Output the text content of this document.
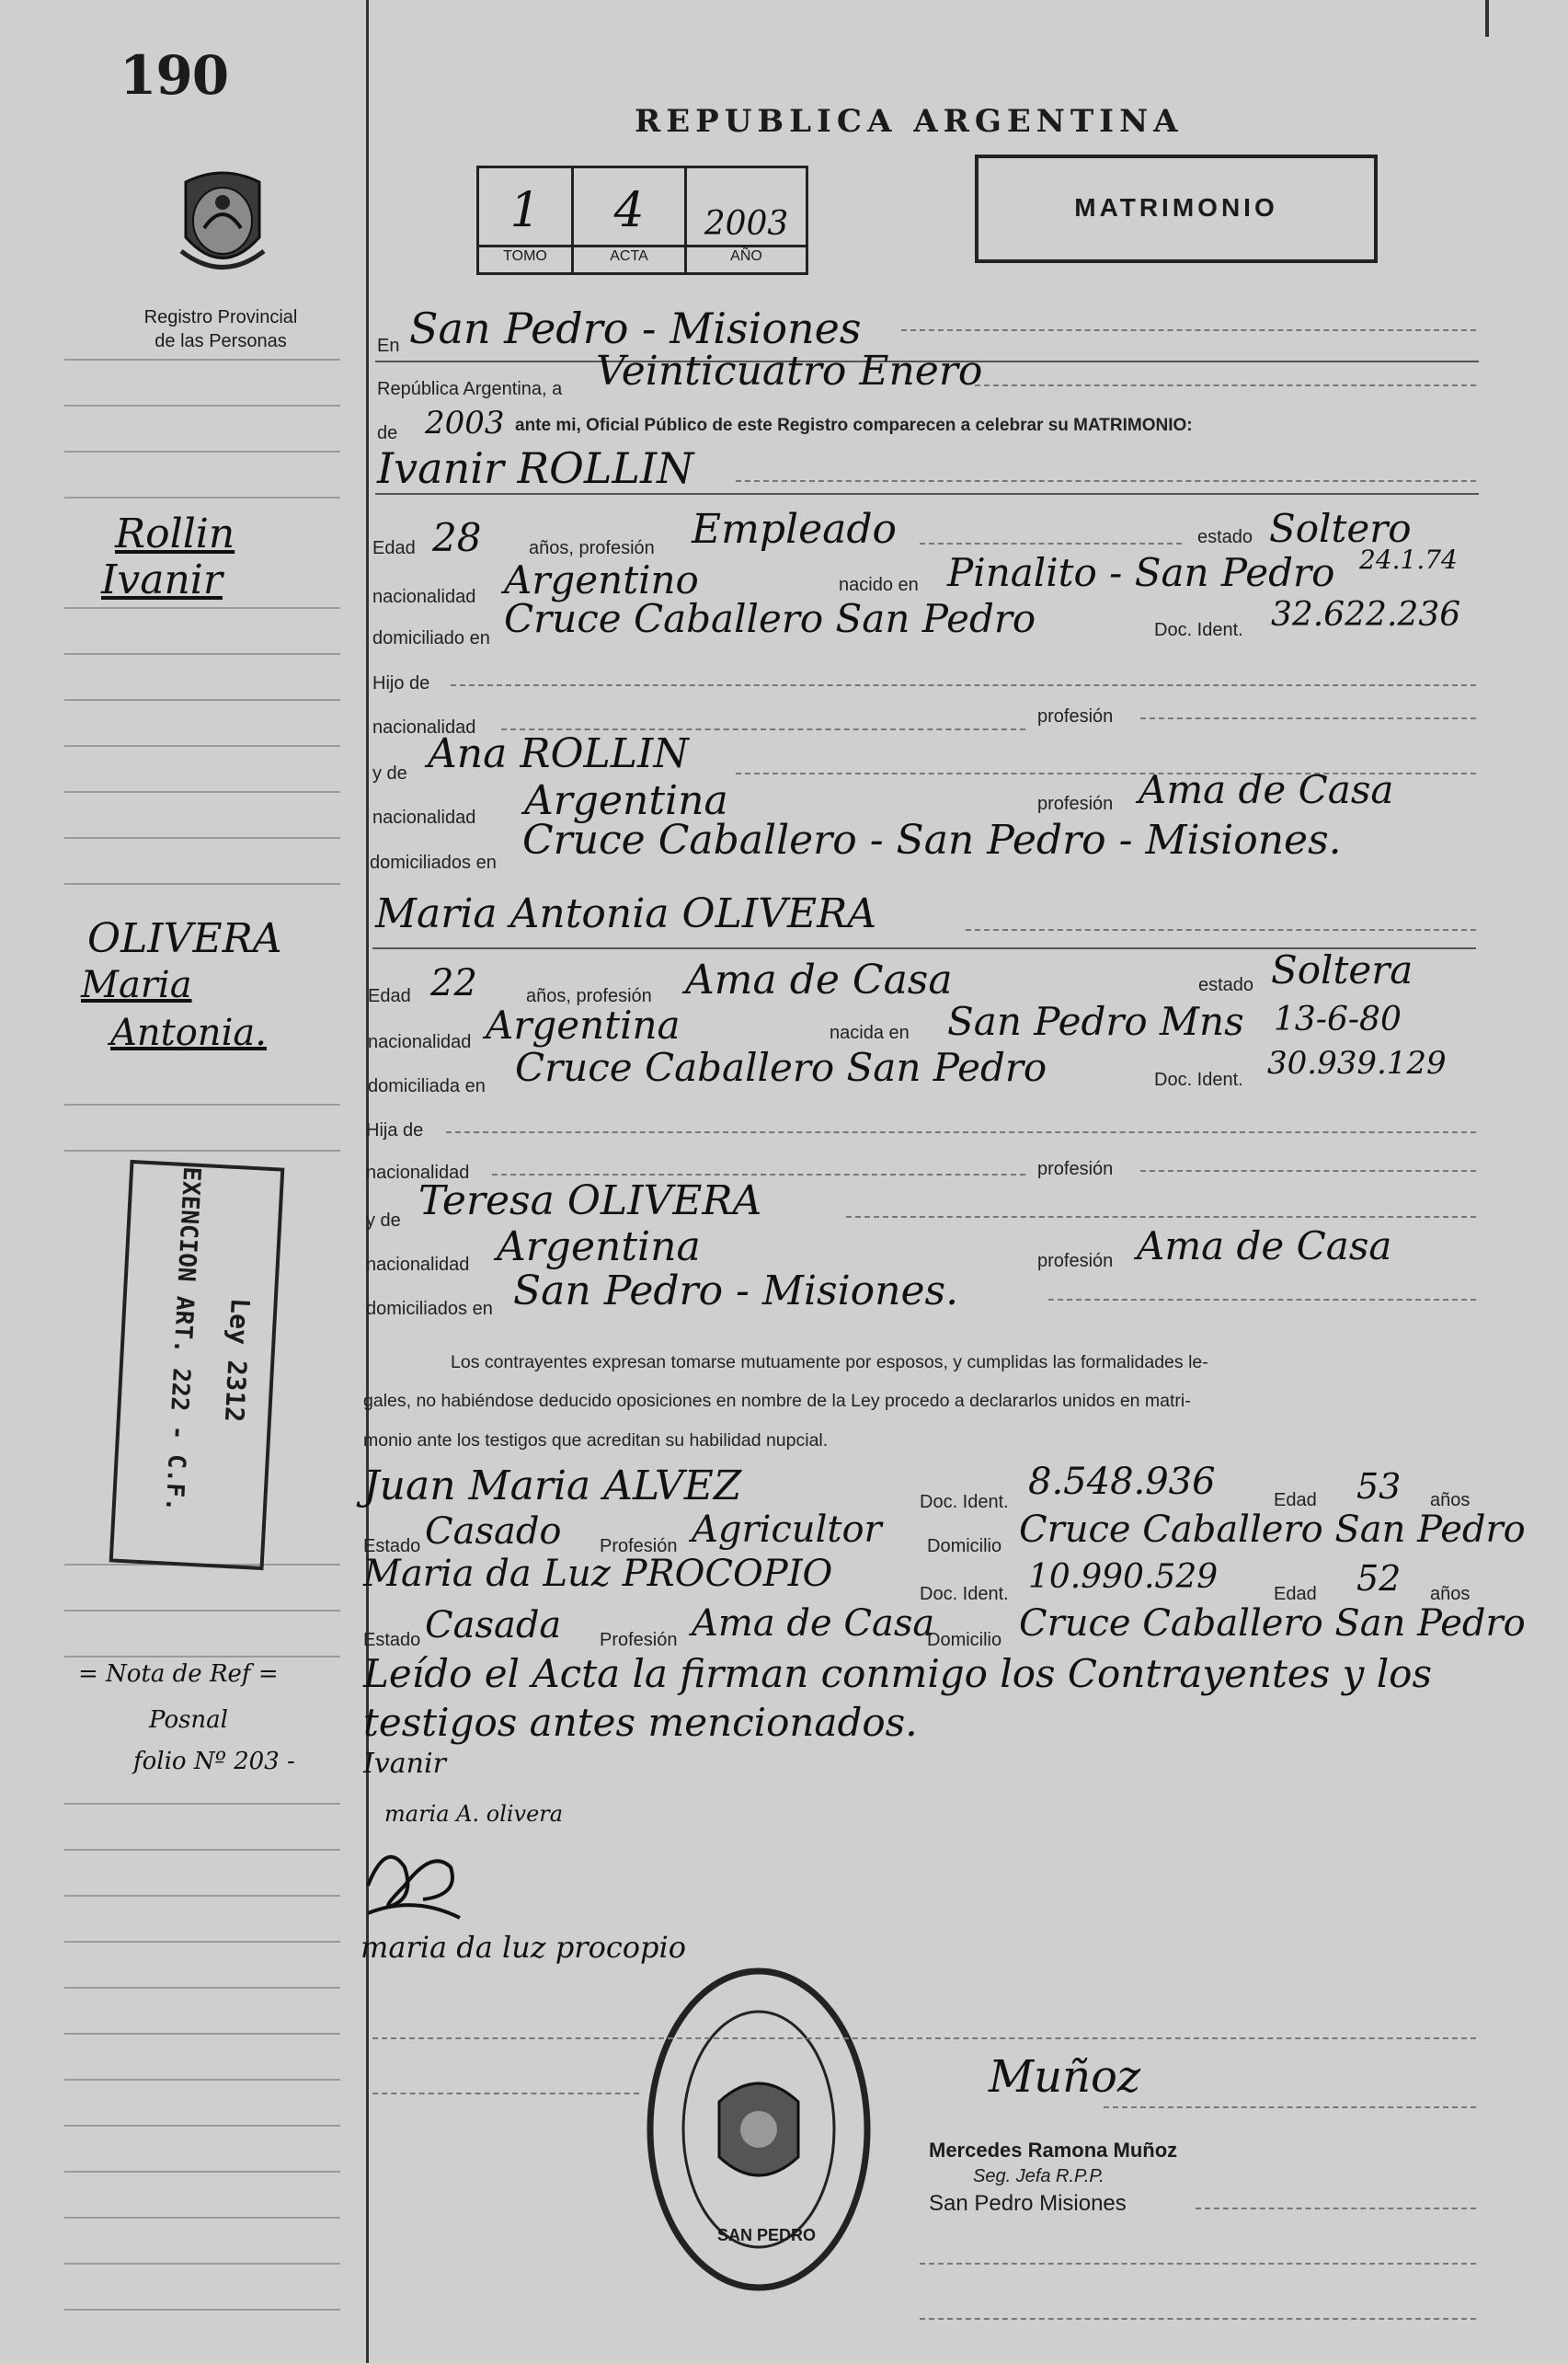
190
Registro Provincial
de las Personas
REPUBLICA ARGENTINA
1	4	2003
TOMO	ACTA	AÑO
MATRIMONIO
En San Pedro - Misiones
República Argentina, a Veinticuatro Enero
de 2003 ante mi, Oficial Público de este Registro comparecen a celebrar su MATRIMONIO:
Ivanir ROLLIN
Edad 28	años, profesión Empleado	estado Soltero
nacionalidad Argentino	nacido en Pinalito - San Pedro 24.1.74
domiciliado en Cruce Caballero San Pedro	Doc. Ident. 32.622.236
Hijo de
nacionalidad
profesión
y de Ana ROLLIN
nacionalidad Argentina	profesión Ama de Casa
domiciliados en Cruce Caballero - San Pedro - Misiones.
Maria Antonia OLIVERA
Edad 22	años, profesión Ama de Casa	estado Soltera
nacionalidad Argentina	nacida en San Pedro Mns 13-6-80
domiciliada en Cruce Caballero San Pedro	Doc. Ident. 30.939.129
Hija de
nacionalidad	profesión
y de Teresa OLIVERA
nacionalidad Argentina	profesión Ama de Casa
domiciliados en San Pedro - Misiones.
Los contrayentes expresan tomarse mutuamente por esposos, y cumplidas las formalidades le-
gales, no habiéndose deducido oposiciones en nombre de la Ley procedo a declararlos unidos en matri-
monio ante los testigos que acreditan su habilidad nupcial.
Juan Maria ALVEZ	Doc. Ident. 8.548.936	Edad 53 años
Estado Casado Profesión Agricultor Domicilio Cruce Caballero San Pedro
Maria da Luz PROCOPIO	Doc. Ident. 10.990.529	Edad 52 años
Estado Casada Profesión Ama de Casa
Domicilio Cruce Caballero San Pedro
Leído el Acta la firman conmigo los Contrayentes y los
testigos antes mencionados.
Ivanir
maria A. olivera
maria da luz procopio
SAN PEDRO
Muñoz
Mercedes Ramona Muñoz
Seg. Jefa R.P.P.
San Pedro Misiones
Rollin
Ivanir
OLIVERA
Maria
Antonia.
EXENCION ART. 222 - C.F. Ley 2312
= Nota de Ref =
Posnal
folio Nº 203 -
